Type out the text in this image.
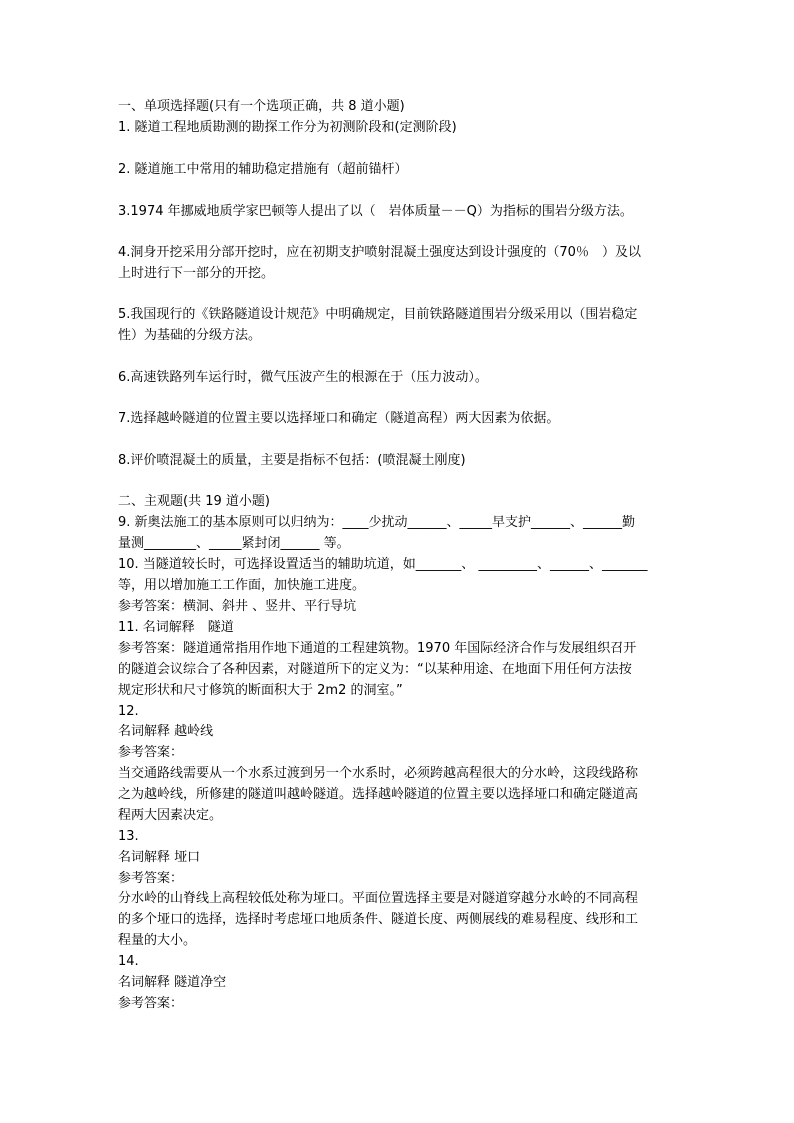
一、单项选择题(只有一个选项正确，共 8 道小题)
1. 隧道工程地质勘测的勘探工作分为初测阶段和(定测阶段)
2. 隧道施工中常用的辅助稳定措施有（超前锚杆）
3.1974 年挪威地质学家巴顿等人提出了以（　岩体质量－－Q）为指标的围岩分级方法。
4.洞身开挖采用分部开挖时，应在初期支护喷射混凝土强度达到设计强度的（70％　）及以
上时进行下一部分的开挖。
5.我国现行的《铁路隧道设计规范》中明确规定，目前铁路隧道围岩分级采用以（围岩稳定
性）为基础的分级方法。
6.高速铁路列车运行时，微气压波产生的根源在于（压力波动）。
7.选择越岭隧道的位置主要以选择垭口和确定（隧道高程）两大因素为依据。
8.评价喷混凝土的质量，主要是指标不包括：(喷混凝土刚度)
二、主观题(共 19 道小题)
9. 新奥法施工的基本原则可以归纳为：____少扰动______、_____早支护______、______勤
量测________、_____紧封闭______ 等。
10. 当隧道较长时，可选择设置适当的辅助坑道，如_______、 _________、______、_______
等，用以增加施工工作面，加快施工进度。
参考答案：横洞、斜井 、竖井、平行导坑
11. 名词解释　隧道
参考答案：隧道通常指用作地下通道的工程建筑物。1970 年国际经济合作与发展组织召开
的隧道会议综合了各种因素，对隧道所下的定义为：“以某种用途、在地面下用任何方法按
规定形状和尺寸修筑的断面积大于 2m2 的洞室。”
12.
名词解释 越岭线
参考答案：
当交通路线需要从一个水系过渡到另一个水系时，必须跨越高程很大的分水岭，这段线路称
之为越岭线，所修建的隧道叫越岭隧道。选择越岭隧道的位置主要以选择垭口和确定隧道高
程两大因素决定。
13.
名词解释 垭口
参考答案：
分水岭的山脊线上高程较低处称为垭口。平面位置选择主要是对隧道穿越分水岭的不同高程
的多个垭口的选择，选择时考虑垭口地质条件、隧道长度、两侧展线的难易程度、线形和工
程量的大小。
14.
名词解释 隧道净空
参考答案：
